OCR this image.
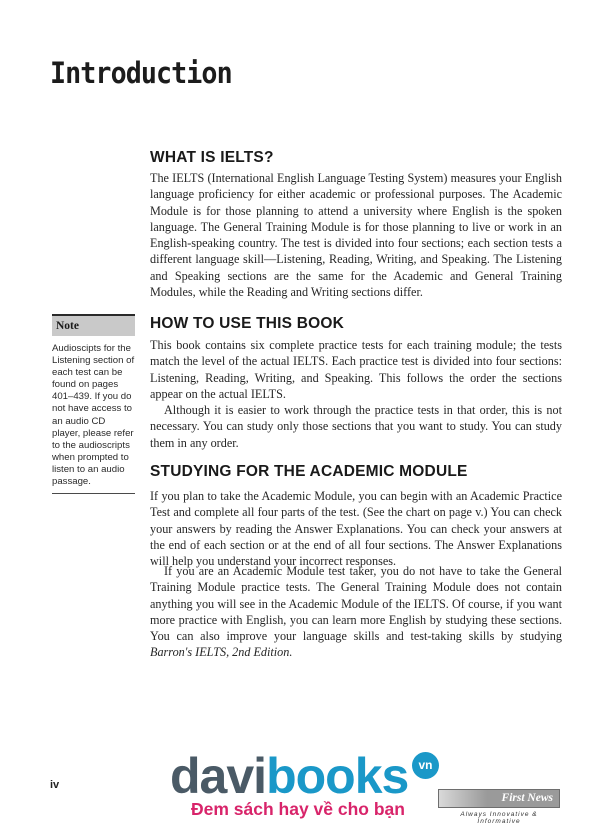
Introduction
WHAT IS IELTS?

The IELTS (International English Language Testing System) measures your English language proficiency for either academic or professional purposes. The Academic Module is for those planning to attend a university where English is the spoken language. The General Training Module is for those planning to live or work in an English-speaking country. The test is divided into four sections; each section tests a different language skill—Listening, Reading, Writing, and Speaking. The Listening and Speaking sections are the same for the Academic and General Training Modules, while the Reading and Writing sections differ.

Note
Audioscipts for the Listening section of each test can be found on pages 401–439. If you do not have access to an audio CD player, please refer to the audioscripts when prompted to listen to an audio passage.
HOW TO USE THIS BOOK

This book contains six complete practice tests for each training module; the tests match the level of the actual IELTS. Each practice test is divided into four sections: Listening, Reading, Writing, and Speaking. This follows the order the sections appear on the actual IELTS.

Although it is easier to work through the practice tests in that order, this is not necessary. You can study only those sections that you want to study. You can study them in any order.

STUDYING FOR THE ACADEMIC MODULE

If you plan to take the Academic Module, you can begin with an Academic Practice Test and complete all four parts of the test. (See the chart on page v.) You can check your answers by reading the Answer Explanations. You can check your answers at the end of each section or at the end of all four sections. The Answer Explanations will help you understand your incorrect responses.

If you are an Academic Module test taker, you do not have to take the General Training Module practice tests. The General Training Module does not contain anything you will see in the Academic Module of the IELTS. Of course, if you want more practice with English, you can learn more English by studying these sections. You can also improve your language skills and test-taking skills by studying Barron's IELTS, 2nd Edition.

iv davibooks vn
Đem sách hay về cho bạn
First News
Always Innovative & Informative
